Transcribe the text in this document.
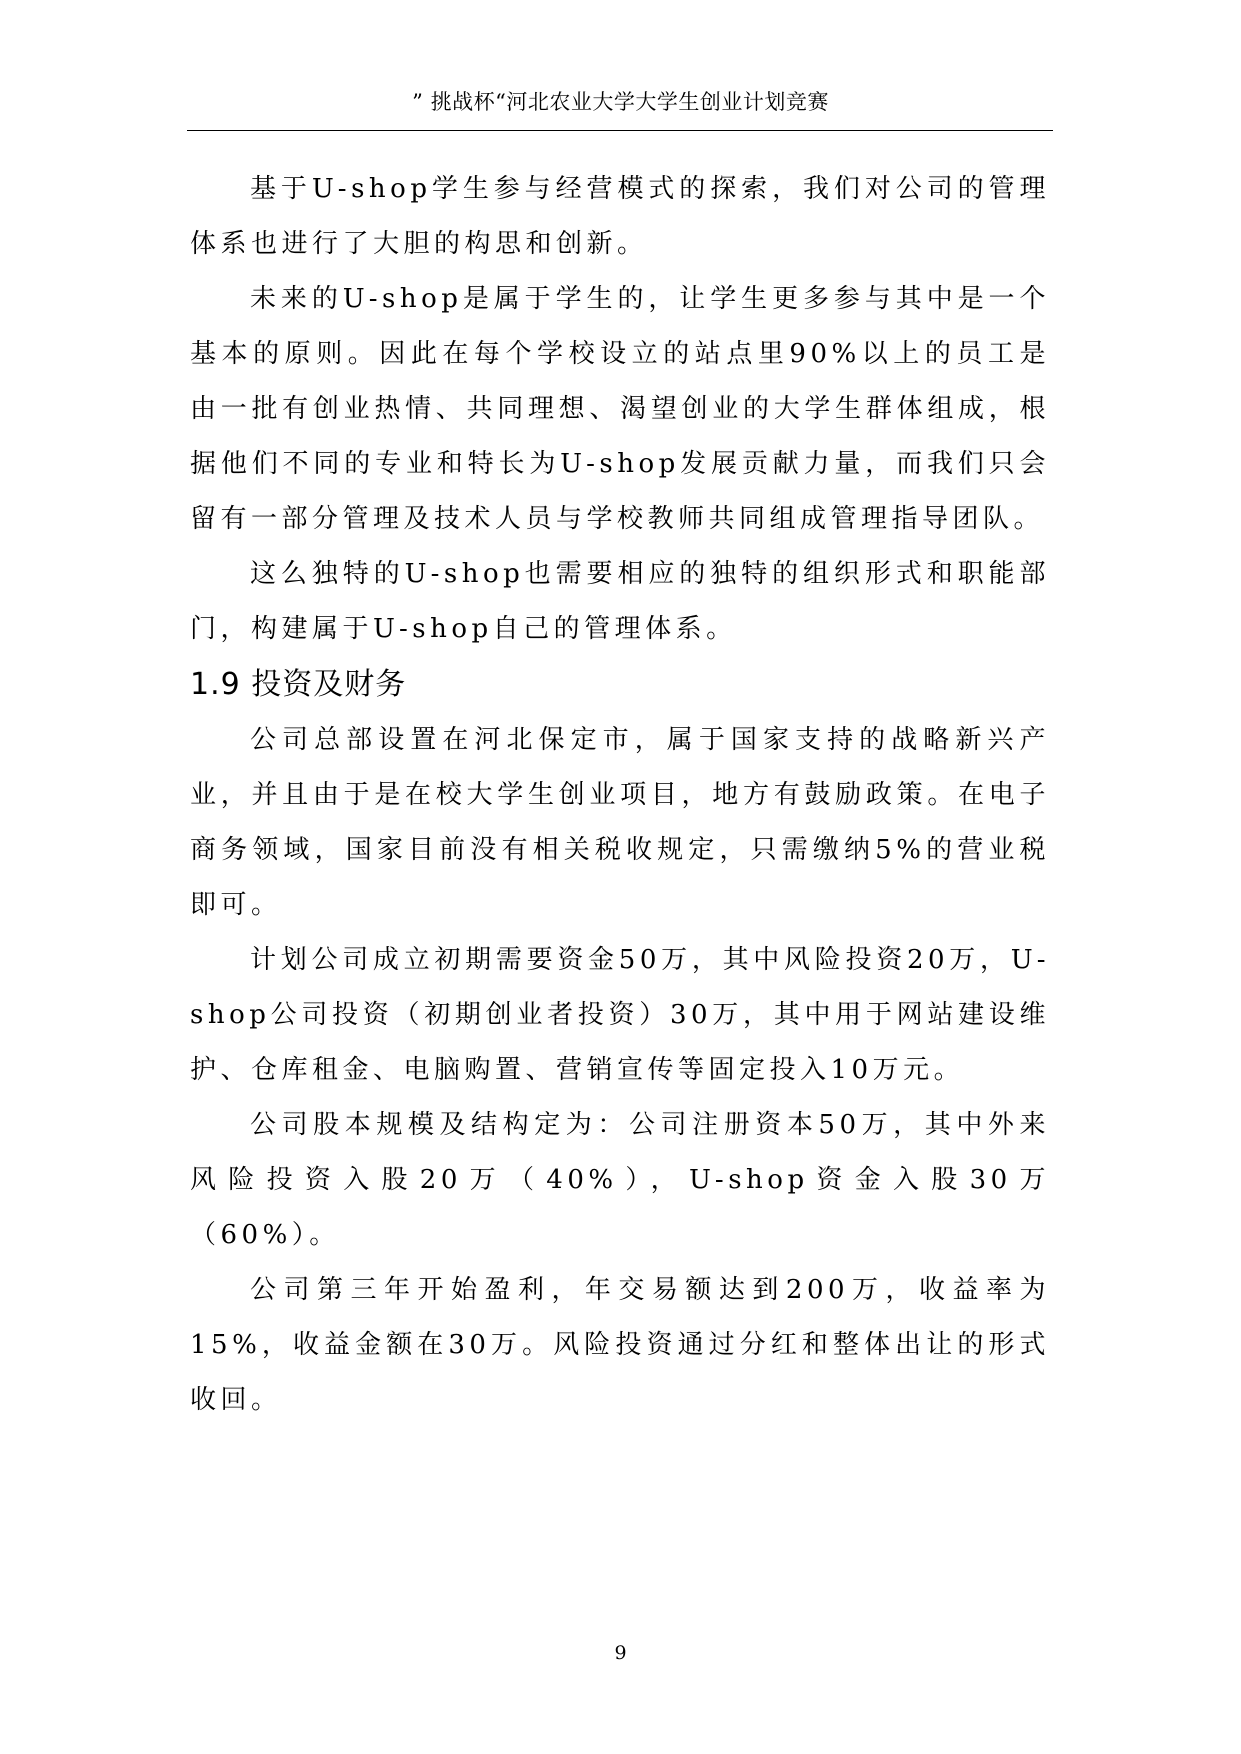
” 挑战杯“河北农业大学大学生创业计划竞赛

基于U-shop学生参与经营模式的探索，我们对公司的管理体系也进行了大胆的构思和创新。

未来的U-shop是属于学生的，让学生更多参与其中是一个基本的原则。因此在每个学校设立的站点里90%以上的员工是由一批有创业热情、共同理想、渴望创业的大学生群体组成，根据他们不同的专业和特长为U-shop发展贡献力量，而我们只会留有一部分管理及技术人员与学校教师共同组成管理指导团队。

这么独特的U-shop也需要相应的独特的组织形式和职能部门，构建属于U-shop自己的管理体系。

1.9 投资及财务

公司总部设置在河北保定市，属于国家支持的战略新兴产业，并且由于是在校大学生创业项目，地方有鼓励政策。在电子商务领域，国家目前没有相关税收规定，只需缴纳5%的营业税即可。

计划公司成立初期需要资金50万，其中风险投资20万，U-shop公司投资（初期创业者投资）30万，其中用于网站建设维护、仓库租金、电脑购置、营销宣传等固定投入10万元。

公司股本规模及结构定为：公司注册资本50万，其中外来风险投资入股20万（40%），U-shop资金入股30万（60%）。

公司第三年开始盈利，年交易额达到200万，收益率为15%，收益金额在30万。风险投资通过分红和整体出让的形式收回。

9
